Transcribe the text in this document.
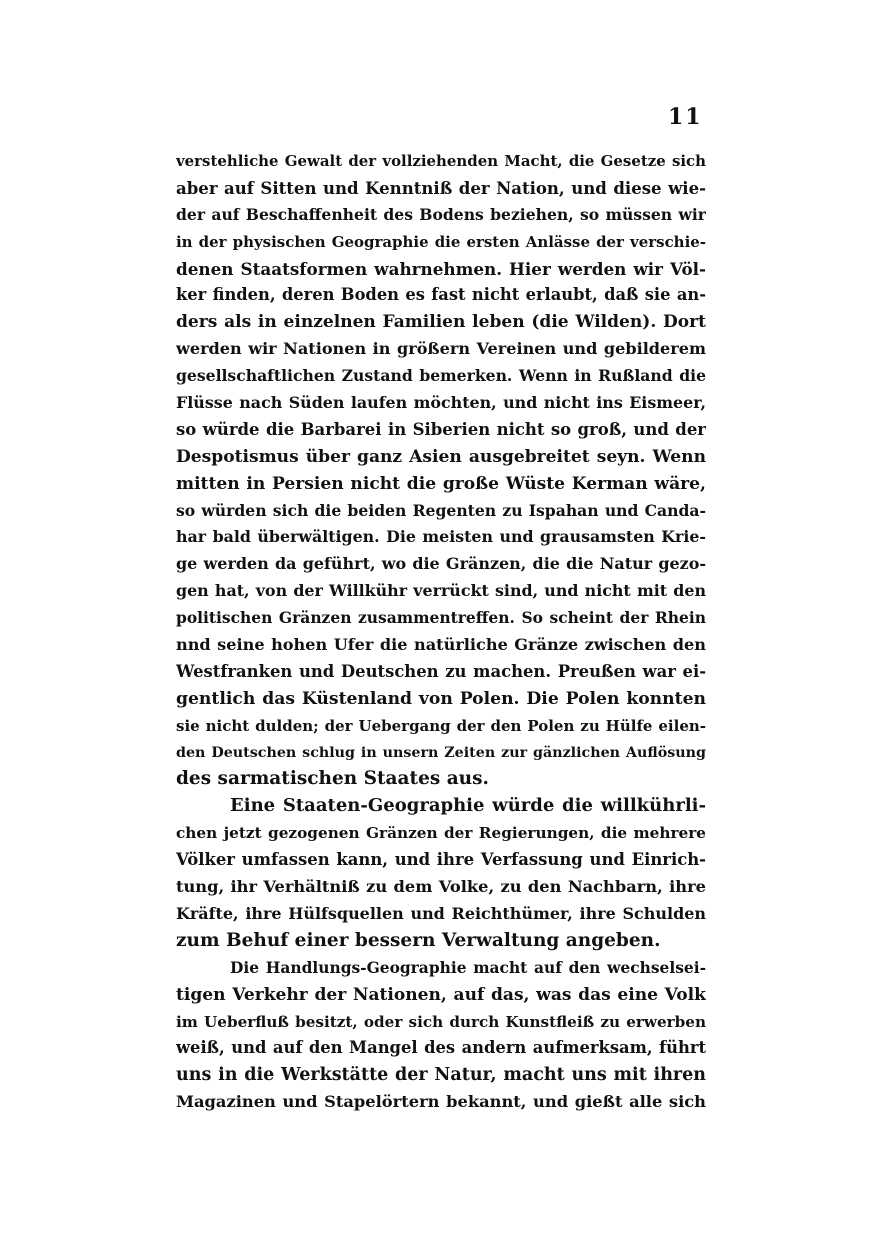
11
verstehliche Gewalt der vollziehenden Macht, die Gesetze sich
aber auf Sitten und Kenntniß der Nation, und diese wie-
der auf Beschaffenheit des Bodens beziehen, so müssen wir
in der physischen Geographie die ersten Anlässe der verschie-
denen Staatsformen wahrnehmen. Hier werden wir Völ-
ker finden, deren Boden es fast nicht erlaubt, daß sie an-
ders als in einzelnen Familien leben (die Wilden). Dort
werden wir Nationen in größern Vereinen und gebilderem
gesellschaftlichen Zustand bemerken. Wenn in Rußland die
Flüsse nach Süden laufen möchten, und nicht ins Eismeer,
so würde die Barbarei in Siberien nicht so groß, und der
Despotismus über ganz Asien ausgebreitet seyn. Wenn
mitten in Persien nicht die große Wüste Kerman wäre,
so würden sich die beiden Regenten zu Ispahan und Canda-
har bald überwältigen. Die meisten und grausamsten Krie-
ge werden da geführt, wo die Gränzen, die die Natur gezo-
gen hat, von der Willkühr verrückt sind, und nicht mit den
politischen Gränzen zusammentreffen. So scheint der Rhein
nnd seine hohen Ufer die natürliche Gränze zwischen den
Westfranken und Deutschen zu machen. Preußen war ei-
gentlich das Küstenland von Polen. Die Polen konnten
sie nicht dulden; der Uebergang der den Polen zu Hülfe eilen-
den Deutschen schlug in unsern Zeiten zur gänzlichen Auflösung
des sarmatischen Staates aus.
Eine Staaten-Geographie würde die willkührli-
chen jetzt gezogenen Gränzen der Regierungen, die mehrere
Völker umfassen kann, und ihre Verfassung und Einrich-
tung, ihr Verhältniß zu dem Volke, zu den Nachbarn, ihre
Kräfte, ihre Hülfsquellen und Reichthümer, ihre Schulden
zum Behuf einer bessern Verwaltung angeben.
Die Handlungs-Geographie macht auf den wechselsei-
tigen Verkehr der Nationen, auf das, was das eine Volk
im Ueberfluß besitzt, oder sich durch Kunstfleiß zu erwerben
weiß, und auf den Mangel des andern aufmerksam, führt
uns in die Werkstätte der Natur, macht uns mit ihren
Magazinen und Stapelörtern bekannt, und gießt alle sich
